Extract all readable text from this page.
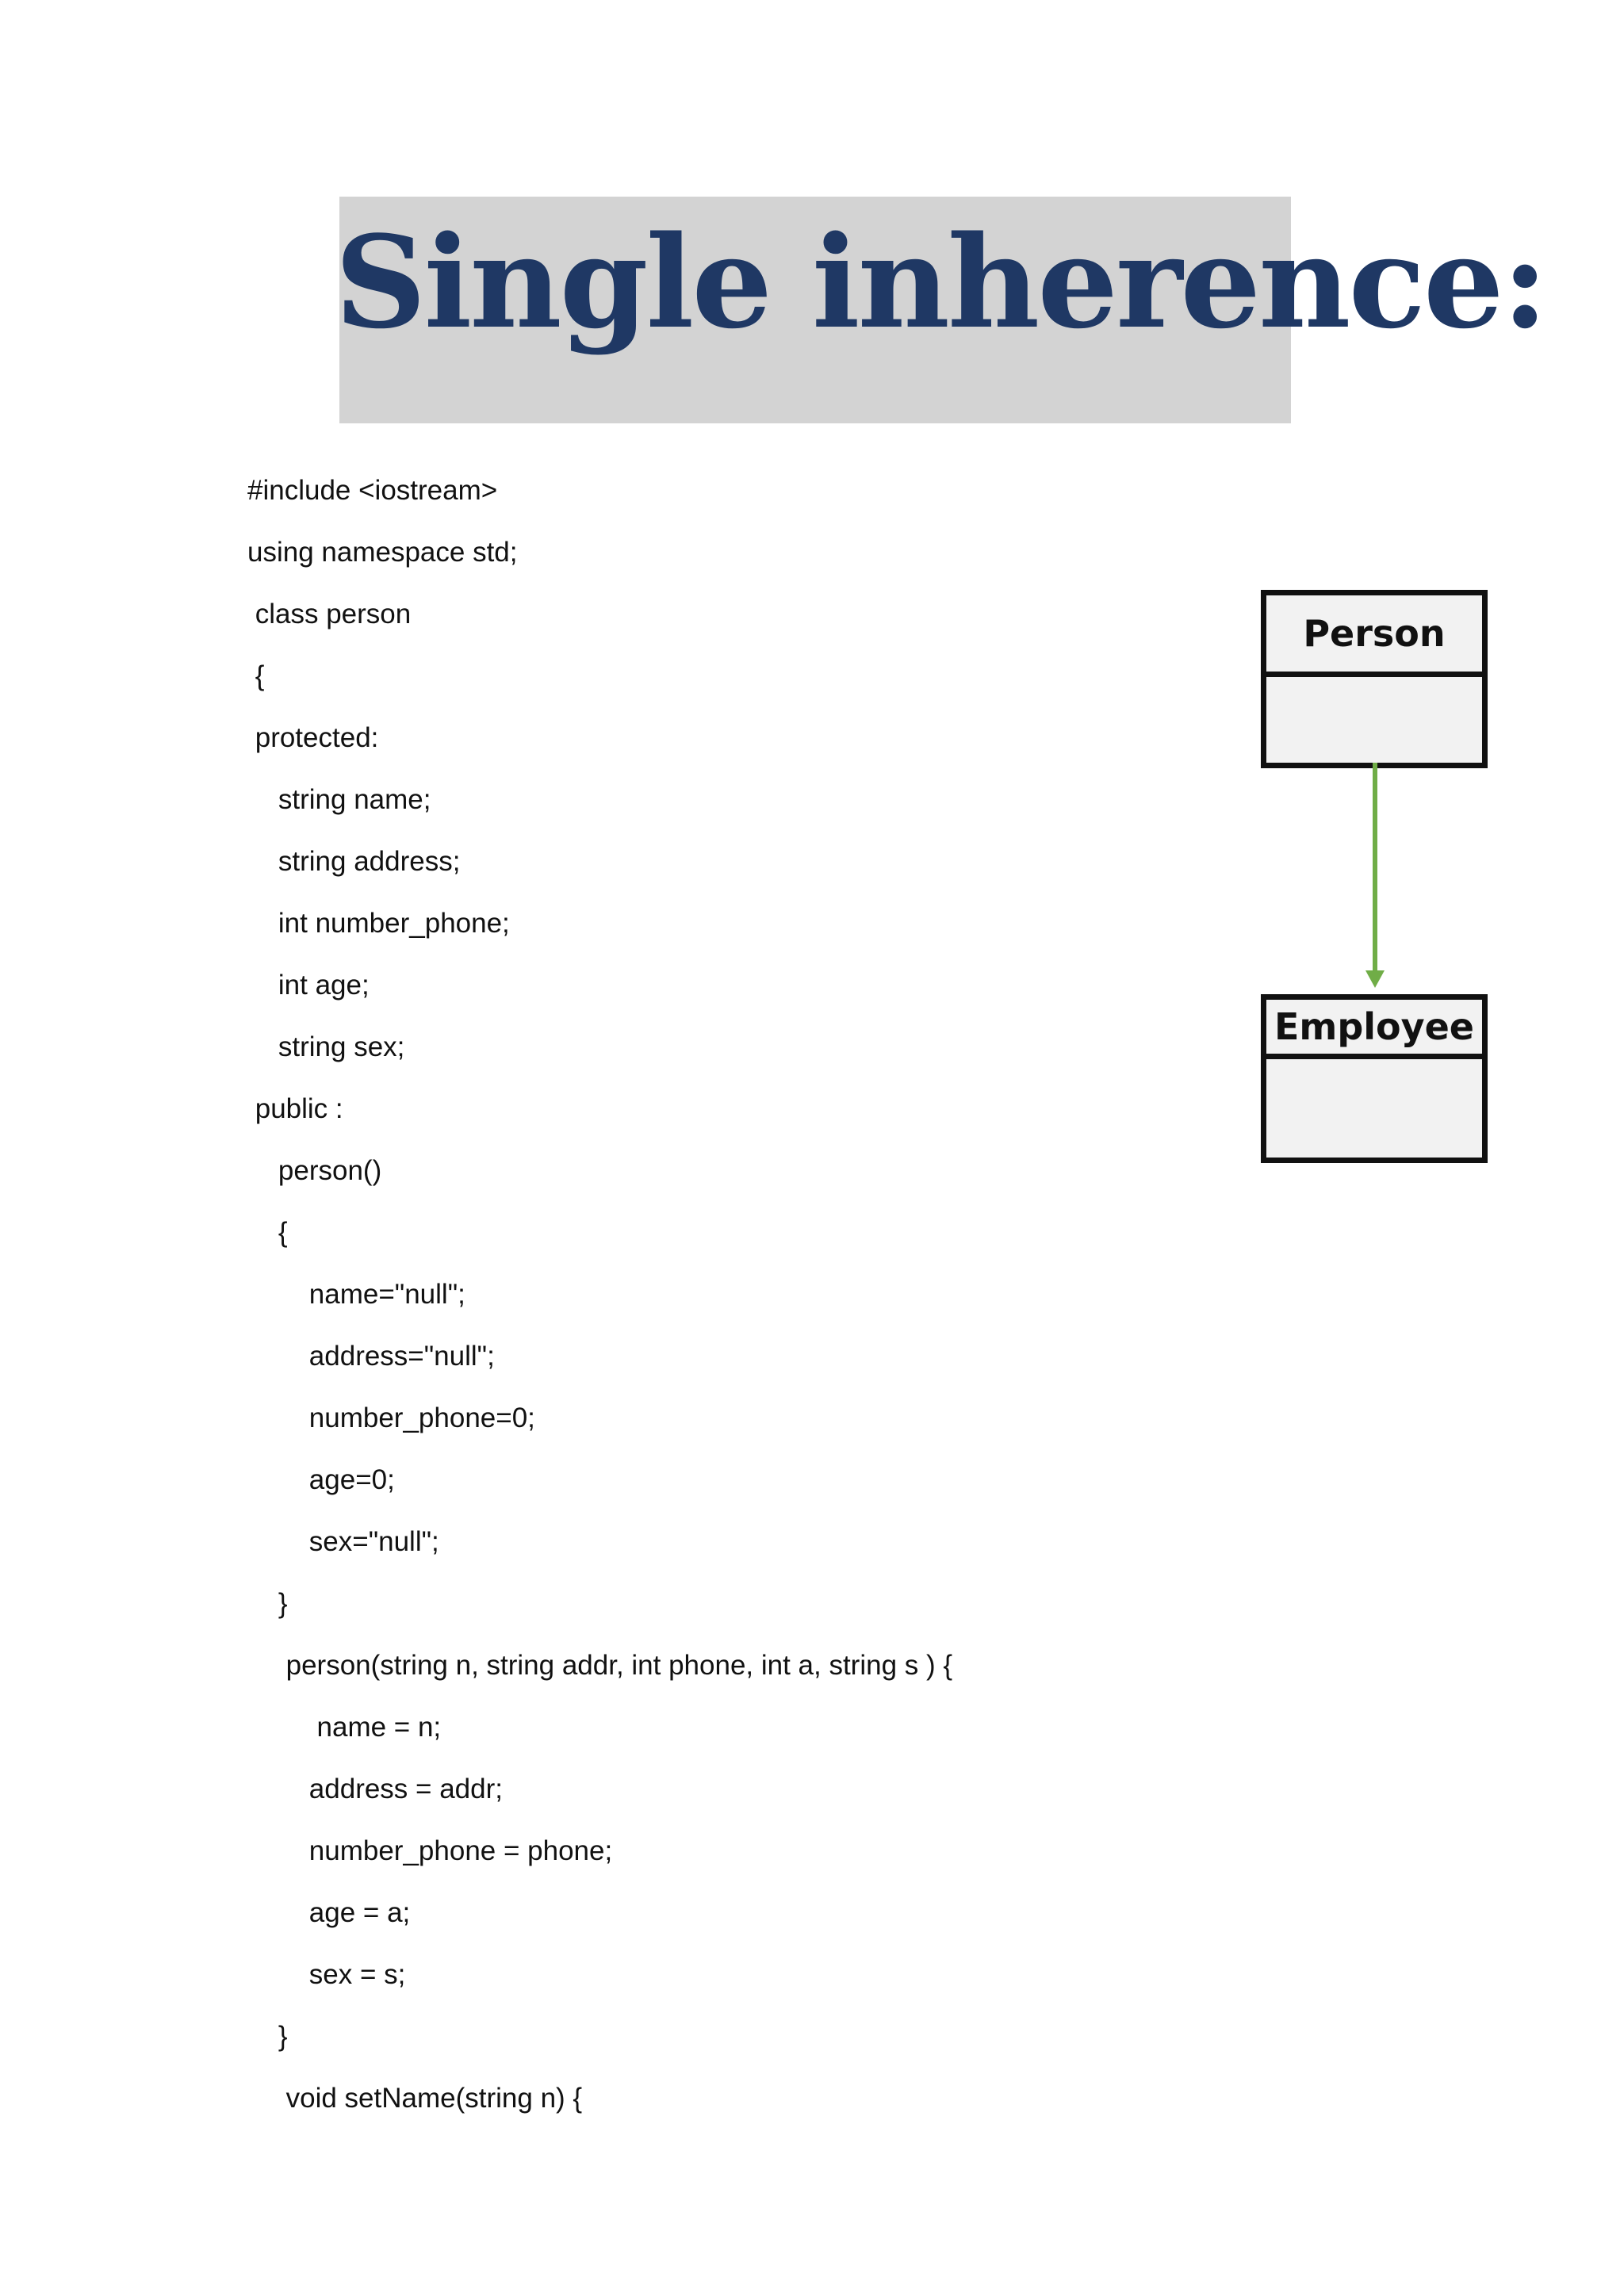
Single inherence:
#include <iostream>
using namespace std;
class person
{
protected:
string name;
string address;
int number_phone;
int age;
string sex;
public :
person()
{
name="null";
address="null";
number_phone=0;
age=0;
sex="null";
}
person(string n, string addr, int phone, int a, string s ) {
name = n;
address = addr;
number_phone = phone;
age = a;
sex = s;
}
void setName(string n) {
Person
Employee
